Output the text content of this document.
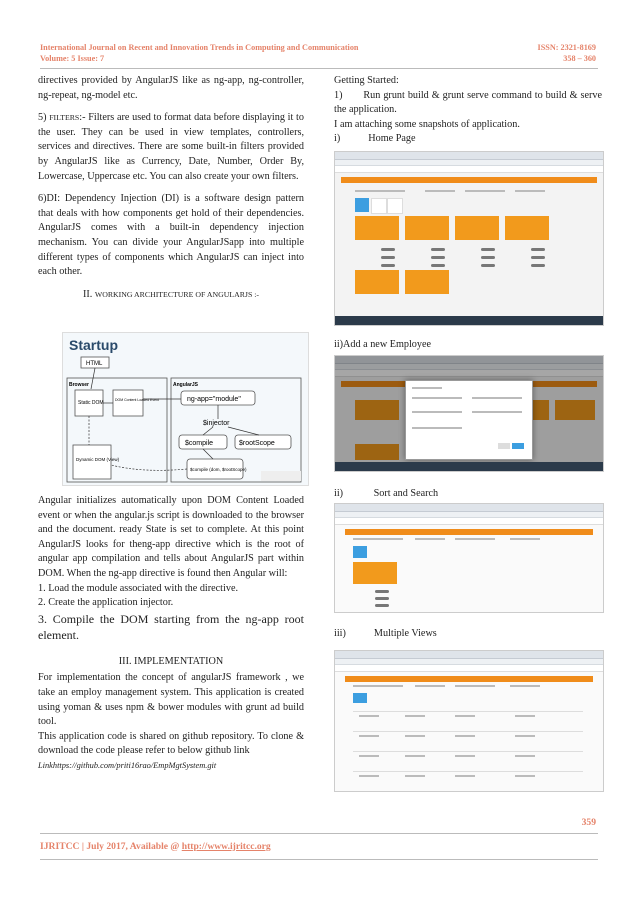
International Journal on Recent and Innovation Trends in Computing and Communication
Volume: 5 Issue: 7
ISSN: 2321-8169
358 – 360

directives provided by AngularJS like as ng-app, ng-controller, ng-repeat, ng-model etc.

5) FILTERS:- Filters are used to format data before displaying it to the user. They can be used in view templates, controllers, services and directives. There are some built-in filters provided by AngularJS like as Currency, Date, Number, Order By, Lowercase, Uppercase etc. You can also create your own filters.

6)DI: Dependency Injection (DI) is a software design pattern that deals with how components get hold of their dependencies. AngularJS comes with a built-in dependency injection mechanism. You can divide your AngularJSapp into multiple different types of components which AngularJS can inject into each other.

II. WORKING ARCHITECTURE OF ANGULARJS :-
Startup
HTML
Browser
Static DOM	DOM Content Loaded Event
AngularJS
ng-app="module"
$injector
$compile	$rootScope
$compile (dom, $rootScope)
Dynamic DOM (View)

Angular initializes automatically upon DOM Content Loaded event or when the angular.js script is downloaded to the browser and the document. ready State is set to complete. At this point AngularJS looks for theng-app directive which is the root of angular app compilation and tells about AngularJS part within DOM. When the ng-app directive is found then Angular will:

1. Load the module associated with the directive.
2. Create the application injector.
3. Compile the DOM starting from the ng-app root element.
III. IMPLEMENTATION
For implementation the concept of angularJS framework , we take an employ management system. This application is created using yoman & uses npm & bower modules with grunt ad build tool.
This application code is shared on github repository. To clone & download the code please refer to below github link
Linkhttps://github.com/priti16rao/EmpMgtSystem.git
Getting Started:
1) Run grunt build & grunt serve command to build & serve the application.
I am attaching some snapshots of application.
i)	Home Page
ii)Add a new Employee
ii)	Sort and Search
iii)	Multiple Views
359
IJRITCC | July 2017, Available @ http://www.ijritcc.org
